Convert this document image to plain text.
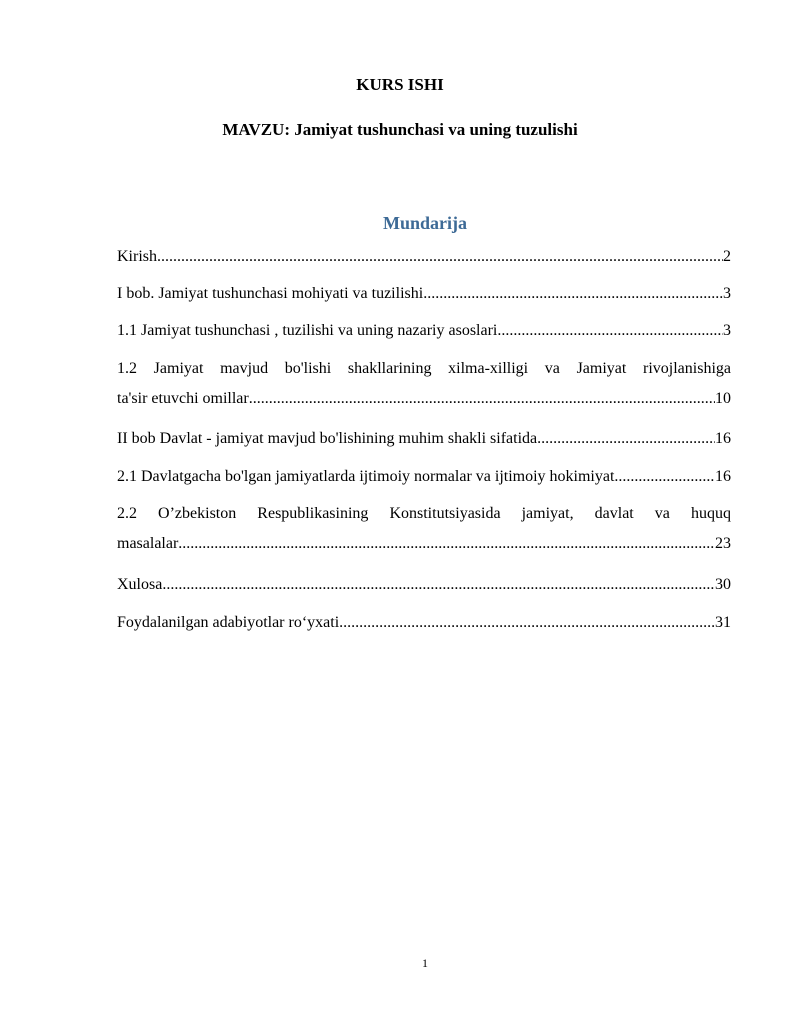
KURS ISHI
MAVZU: Jamiyat tushunchasi va uning tuzulishi
Mundarija
Kirish .....	2
I bob. Jamiyat tushunchasi mohiyati va tuzilishi .....	3
1.1 Jamiyat tushunchasi , tuzilishi va uning nazariy asoslari .....	3
1.2 Jamiyat mavjud bo'lishi shakllarining xilma-xilligi va Jamiyat rivojlanishiga
ta'sir etuvchi omillar .....	10
II bob Davlat - jamiyat mavjud bo'lishining muhim shakli sifatida .....	16
2.1 Davlatgacha bo'lgan jamiyatlarda ijtimoiy normalar va ijtimoiy hokimiyat .....	16
2.2 O’zbekiston Respublikasining Konstitutsiyasida jamiyat, davlat va huquq
masalalar .....	23
Xulosa .....	30
Foydalanilgan adabiyotlar ro‘yxati .....	31
1
